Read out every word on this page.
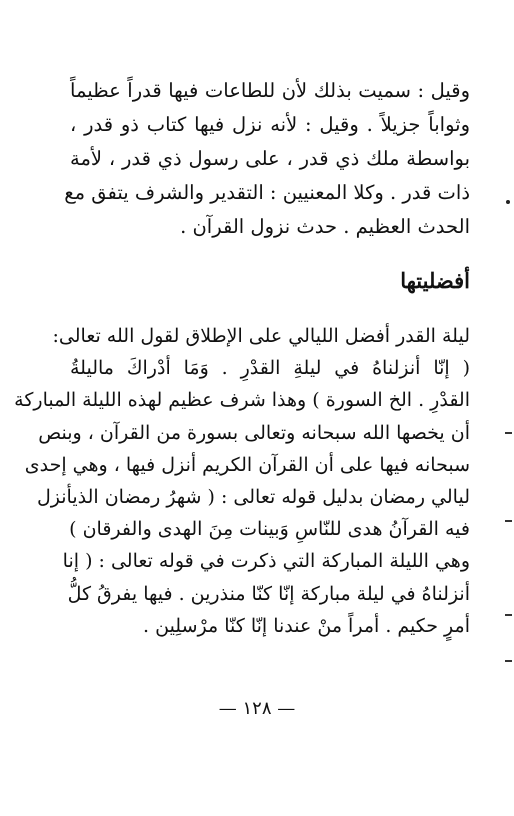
وقيل : سميت بذلك لأن للطاعات فيها قدراً عظيماً
وثواباً جزيلاً . وقيل : لأنه نزل فيها كتاب ذو قدر ،
بواسطة ملك ذي قدر ، على رسول ذي قدر ، لأمة
ذات قدر . وكلا المعنيين : التقدير والشرف يتفق مع
الحدث العظيم . حدث نزول القرآن .
أفضليتها
ليلة القدر أفضل الليالي على الإطلاق لقول الله تعالى:
( إنّا أنزلناهُ في ليلةِ القدْرِ . وَمَا أدْراكَ ماليلةُ
القدْرِ . الخ السورة ) وهذا شرف عظيم لهذه الليلة المباركة
أن يخصها الله سبحانه وتعالى بسورة من القرآن ، وبنص
سبحانه فيها على أن القرآن الكريم أنزل فيها ، وهي إحدى
ليالي رمضان بدليل قوله تعالى : ( شهرُ رمضان الذيأنزل
فيه القرآنُ هدى للنّاسِ وَبينات مِنَ الهدى والفرقان )
وهي الليلة المباركة التي ذكرت في قوله تعالى : ( إنا
أنزلناهُ في ليلة مباركة إنّا كنّا منذرين . فيها يفرقُ كلُّ
أمرٍ حكيم . أمراً منْ عندنا إنّا كنّا مرْسلِين .
— ١٢٨ —
